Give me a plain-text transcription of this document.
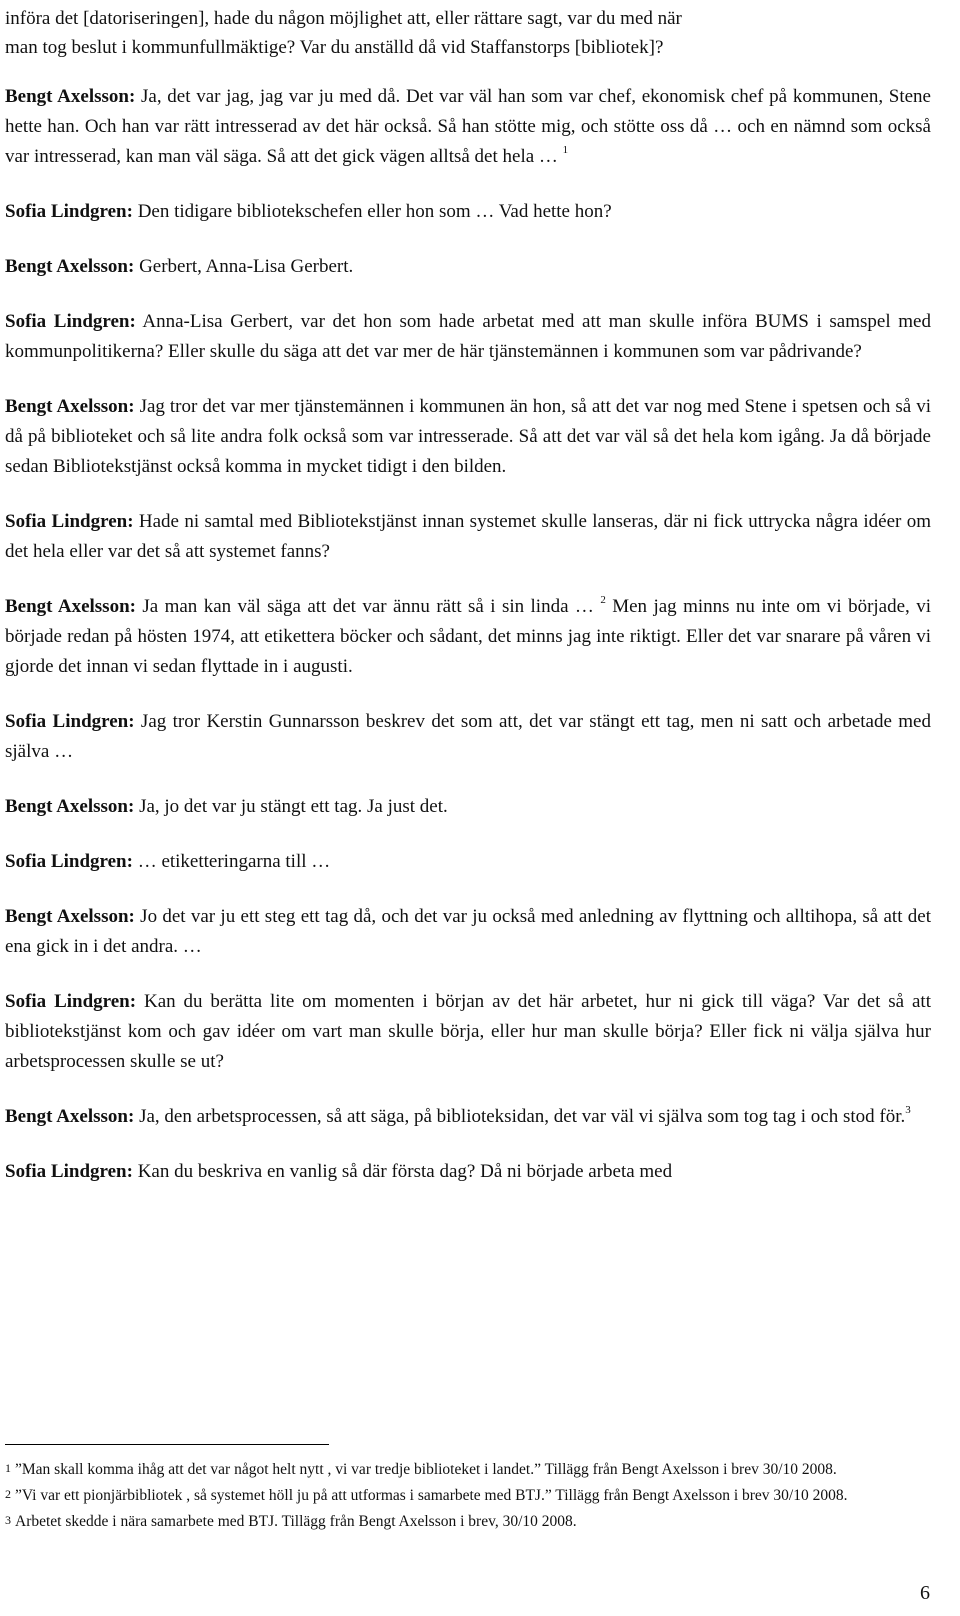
införa det [datoriseringen], hade du någon möjlighet att, eller rättare sagt, var du med när

man tog beslut i kommunfullmäktige? Var du anställd då vid Staffanstorps [bibliotek]?

Bengt Axelsson: Ja, det var jag, jag var ju med då. Det var väl han som var chef, ekonomisk chef på kommunen, Stene hette han. Och han var rätt intresserad av det här också. Så han stötte mig, och stötte oss då … och en nämnd som också var intresserad, kan man väl säga. Så att det gick vägen alltså det hela … $^1$

Sofia Lindgren: Den tidigare bibliotekschefen eller hon som … Vad hette hon?

Bengt Axelsson: Gerbert, Anna-Lisa Gerbert.

Sofia Lindgren: Anna-Lisa Gerbert, var det hon som hade arbetat med att man skulle införa BUMS i samspel med kommunpolitikerna? Eller skulle du säga att det var mer de här tjänstemännen i kommunen som var pådrivande?

Bengt Axelsson: Jag tror det var mer tjänstemännen i kommunen än hon, så att det var nog med Stene i spetsen och så vi då på biblioteket och så lite andra folk också som var intresserade. Så att det var väl så det hela kom igång. Ja då började sedan Bibliotekstjänst också komma in mycket tidigt i den bilden.

Sofia Lindgren: Hade ni samtal med Bibliotekstjänst innan systemet skulle lanseras, där ni fick uttrycka några idéer om det hela eller var det så att systemet fanns?

Bengt Axelsson: Ja man kan väl säga att det var ännu rätt så i sin linda … $^2$ Men jag minns nu inte om vi började, vi började redan på hösten 1974, att etikettera böcker och sådant, det minns jag inte riktigt. Eller det var snarare på våren vi gjorde det innan vi sedan flyttade in i augusti.

Sofia Lindgren: Jag tror Kerstin Gunnarsson beskrev det som att, det var stängt ett tag, men ni satt och arbetade med själva …

Bengt Axelsson: Ja, jo det var ju stängt ett tag. Ja just det.

Sofia Lindgren: … etiketteringarna till …

Bengt Axelsson: Jo det var ju ett steg ett tag då, och det var ju också med anledning av flyttning och alltihopa, så att det ena gick in i det andra. …

Sofia Lindgren: Kan du berätta lite om momenten i början av det här arbetet, hur ni gick till väga? Var det så att bibliotekstjänst kom och gav idéer om vart man skulle börja, eller hur man skulle börja? Eller fick ni välja själva hur arbetsprocessen skulle se ut?

Bengt Axelsson: Ja, den arbetsprocessen, så att säga, på biblioteksidan, det var väl vi själva som tog tag i och stod för.$^3$

Sofia Lindgren: Kan du beskriva en vanlig så där första dag? Då ni började arbeta med

1 ”Man skall komma ihåg att det var något helt nytt , vi var tredje biblioteket i landet.” Tillägg från Bengt Axelsson i brev 30/10 2008.

2 ”Vi var ett pionjärbibliotek , så systemet höll ju på att utformas i samarbete med BTJ.” Tillägg från Bengt Axelsson i brev 30/10 2008.

3 Arbetet skedde i nära samarbete med BTJ. Tillägg från Bengt Axelsson i brev, 30/10 2008.

6
